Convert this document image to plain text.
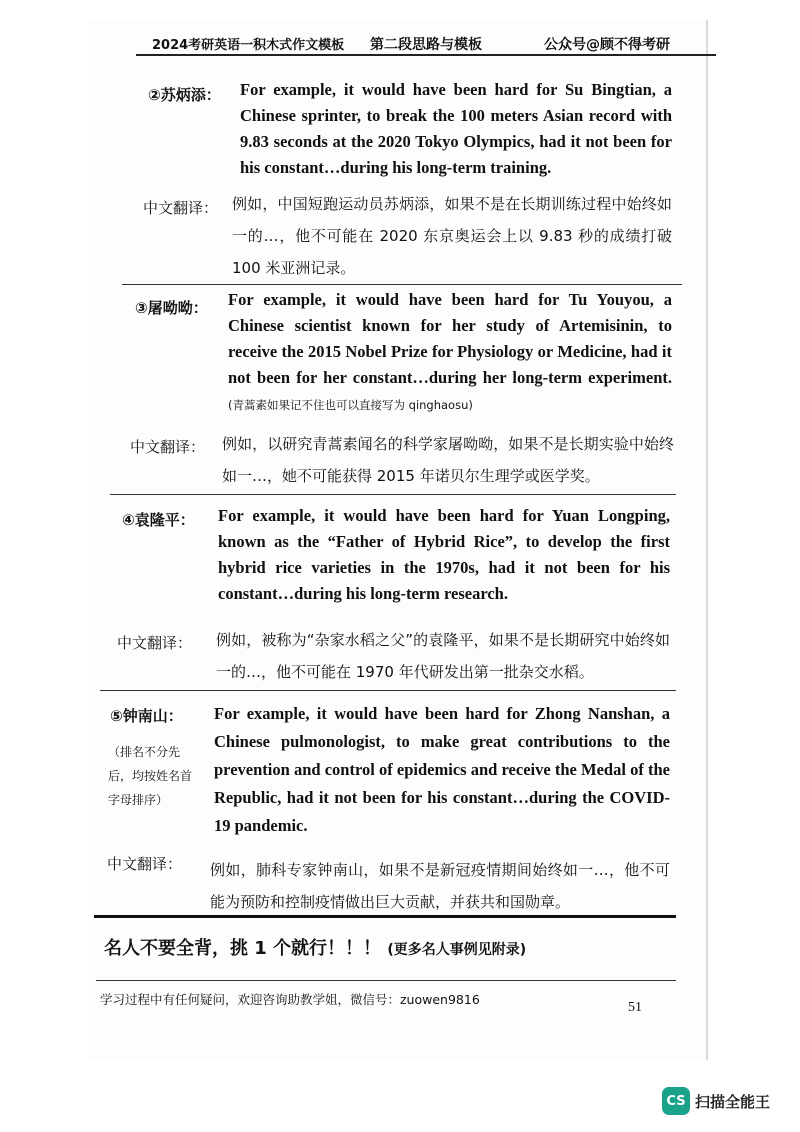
2024考研英语一积木式作文模板 第二段思路与模板	公众号@顾不得考研
②苏炳添： For example, it would have been hard for Su Bingtian, a Chinese sprinter, to break the 100 meters Asian record with 9.83 seconds at the 2020 Tokyo Olympics, had it not been for his constant…during his long-term training.
中文翻译： 例如，中国短跑运动员苏炳添，如果不是在长期训练过程中始终如一的…，他不可能在 2020 东京奥运会上以 9.83 秒的成绩打破 100 米亚洲记录。
③屠呦呦： For example, it would have been hard for Tu Youyou, a Chinese scientist known for her study of Artemisinin, to receive the 2015 Nobel Prize for Physiology or Medicine, had it not been for her constant…during her long-term experiment. (青蒿素如果记不住也可以直接写为 qinghaosu)
中文翻译： 例如，以研究青蒿素闻名的科学家屠呦呦，如果不是长期实验中始终如一…，她不可能获得 2015 年诺贝尔生理学或医学奖。
④袁隆平： For example, it would have been hard for Yuan Longping, known as the “Father of Hybrid Rice”, to develop the first hybrid rice varieties in the 1970s, had it not been for his constant…during his long-term research.
中文翻译： 例如，被称为“杂家水稻之父”的袁隆平，如果不是长期研究中始终如一的…，他不可能在 1970 年代研发出第一批杂交水稻。
⑤钟南山：
（排名不分先后，均按姓名首字母排序）
For example, it would have been hard for Zhong Nanshan, a Chinese pulmonologist, to make great contributions to the prevention and control of epidemics and receive the Medal of the Republic, had it not been for his constant…during the COVID-19 pandemic.
中文翻译： 例如，肺科专家钟南山，如果不是新冠疫情期间始终如一…，他不可能为预防和控制疫情做出巨大贡献，并获共和国勋章。
名人不要全背，挑 1 个就行！！！ (更多名人事例见附录)
学习过程中有任何疑问，欢迎咨询助教学姐，微信号：zuowen9816
51
CS 扫描全能王
